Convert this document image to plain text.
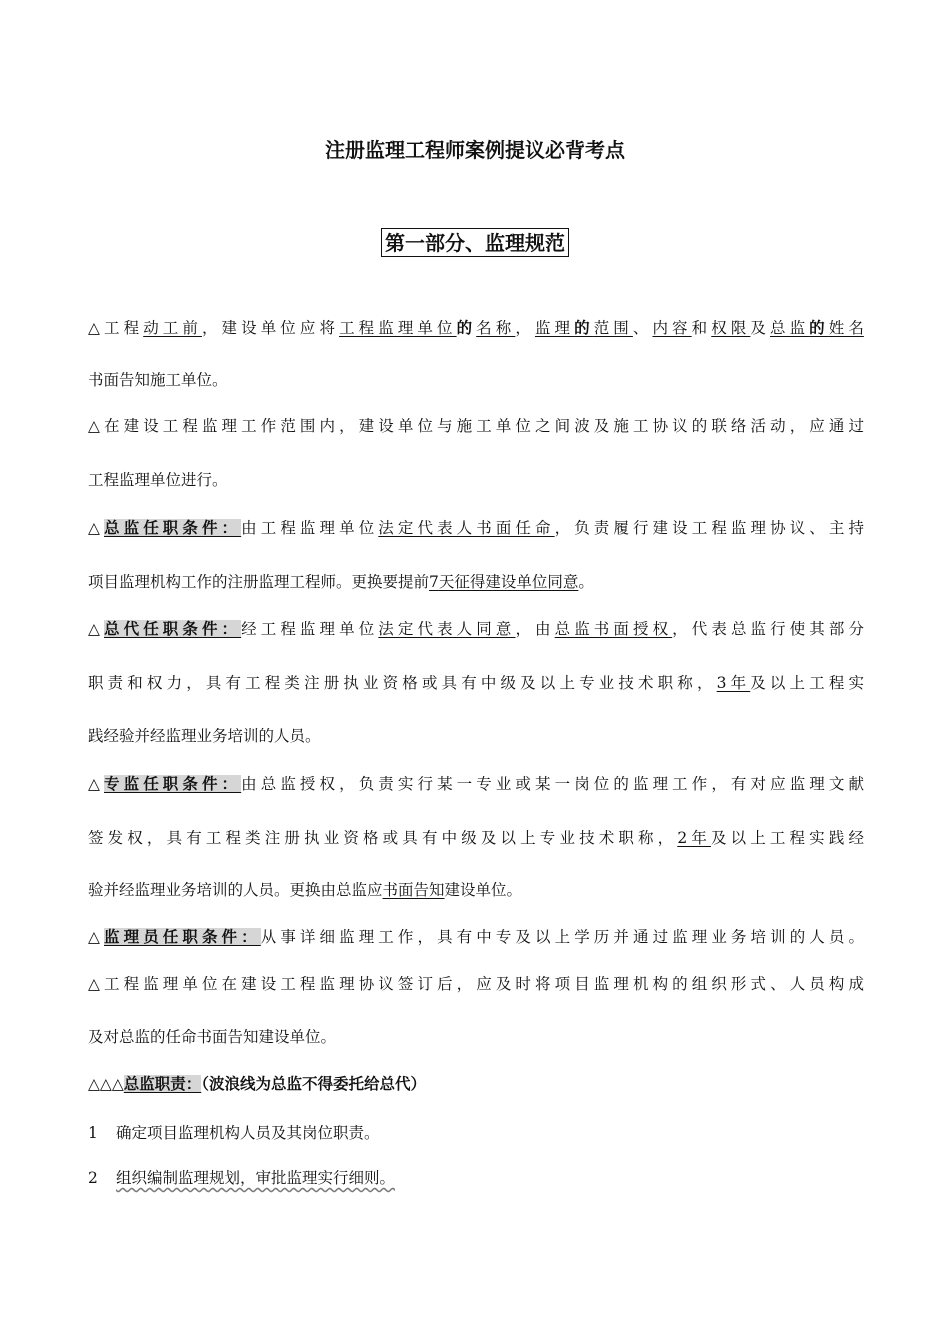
注册监理工程师案例提议必背考点
第一部分、监理规范
△工程动工前，建设单位应将工程监理单位的名称，监理的范围、内容和权限及总监的姓名
书面告知施工单位。
△在建设工程监理工作范围内，建设单位与施工单位之间波及施工协议的联络活动，应通过
工程监理单位进行。
△总监任职条件：由工程监理单位法定代表人书面任命，负责履行建设工程监理协议、主持
项目监理机构工作的注册监理工程师。更换要提前7天征得建设单位同意。
△总代任职条件：经工程监理单位法定代表人同意，由总监书面授权，代表总监行使其部分
职责和权力，具有工程类注册执业资格或具有中级及以上专业技术职称，3年及以上工程实
践经验并经监理业务培训的人员。
△专监任职条件：由总监授权，负责实行某一专业或某一岗位的监理工作，有对应监理文献
签发权，具有工程类注册执业资格或具有中级及以上专业技术职称，2年及以上工程实践经
验并经监理业务培训的人员。更换由总监应书面告知建设单位。
△监理员任职条件：从事详细监理工作，具有中专及以上学历并通过监理业务培训的人员。
△工程监理单位在建设工程监理协议签订后，应及时将项目监理机构的组织形式、人员构成
及对总监的任命书面告知建设单位。
△△△总监职责：（波浪线为总监不得委托给总代）
1 确定项目监理机构人员及其岗位职责。
2 组织编制监理规划，审批监理实行细则。
